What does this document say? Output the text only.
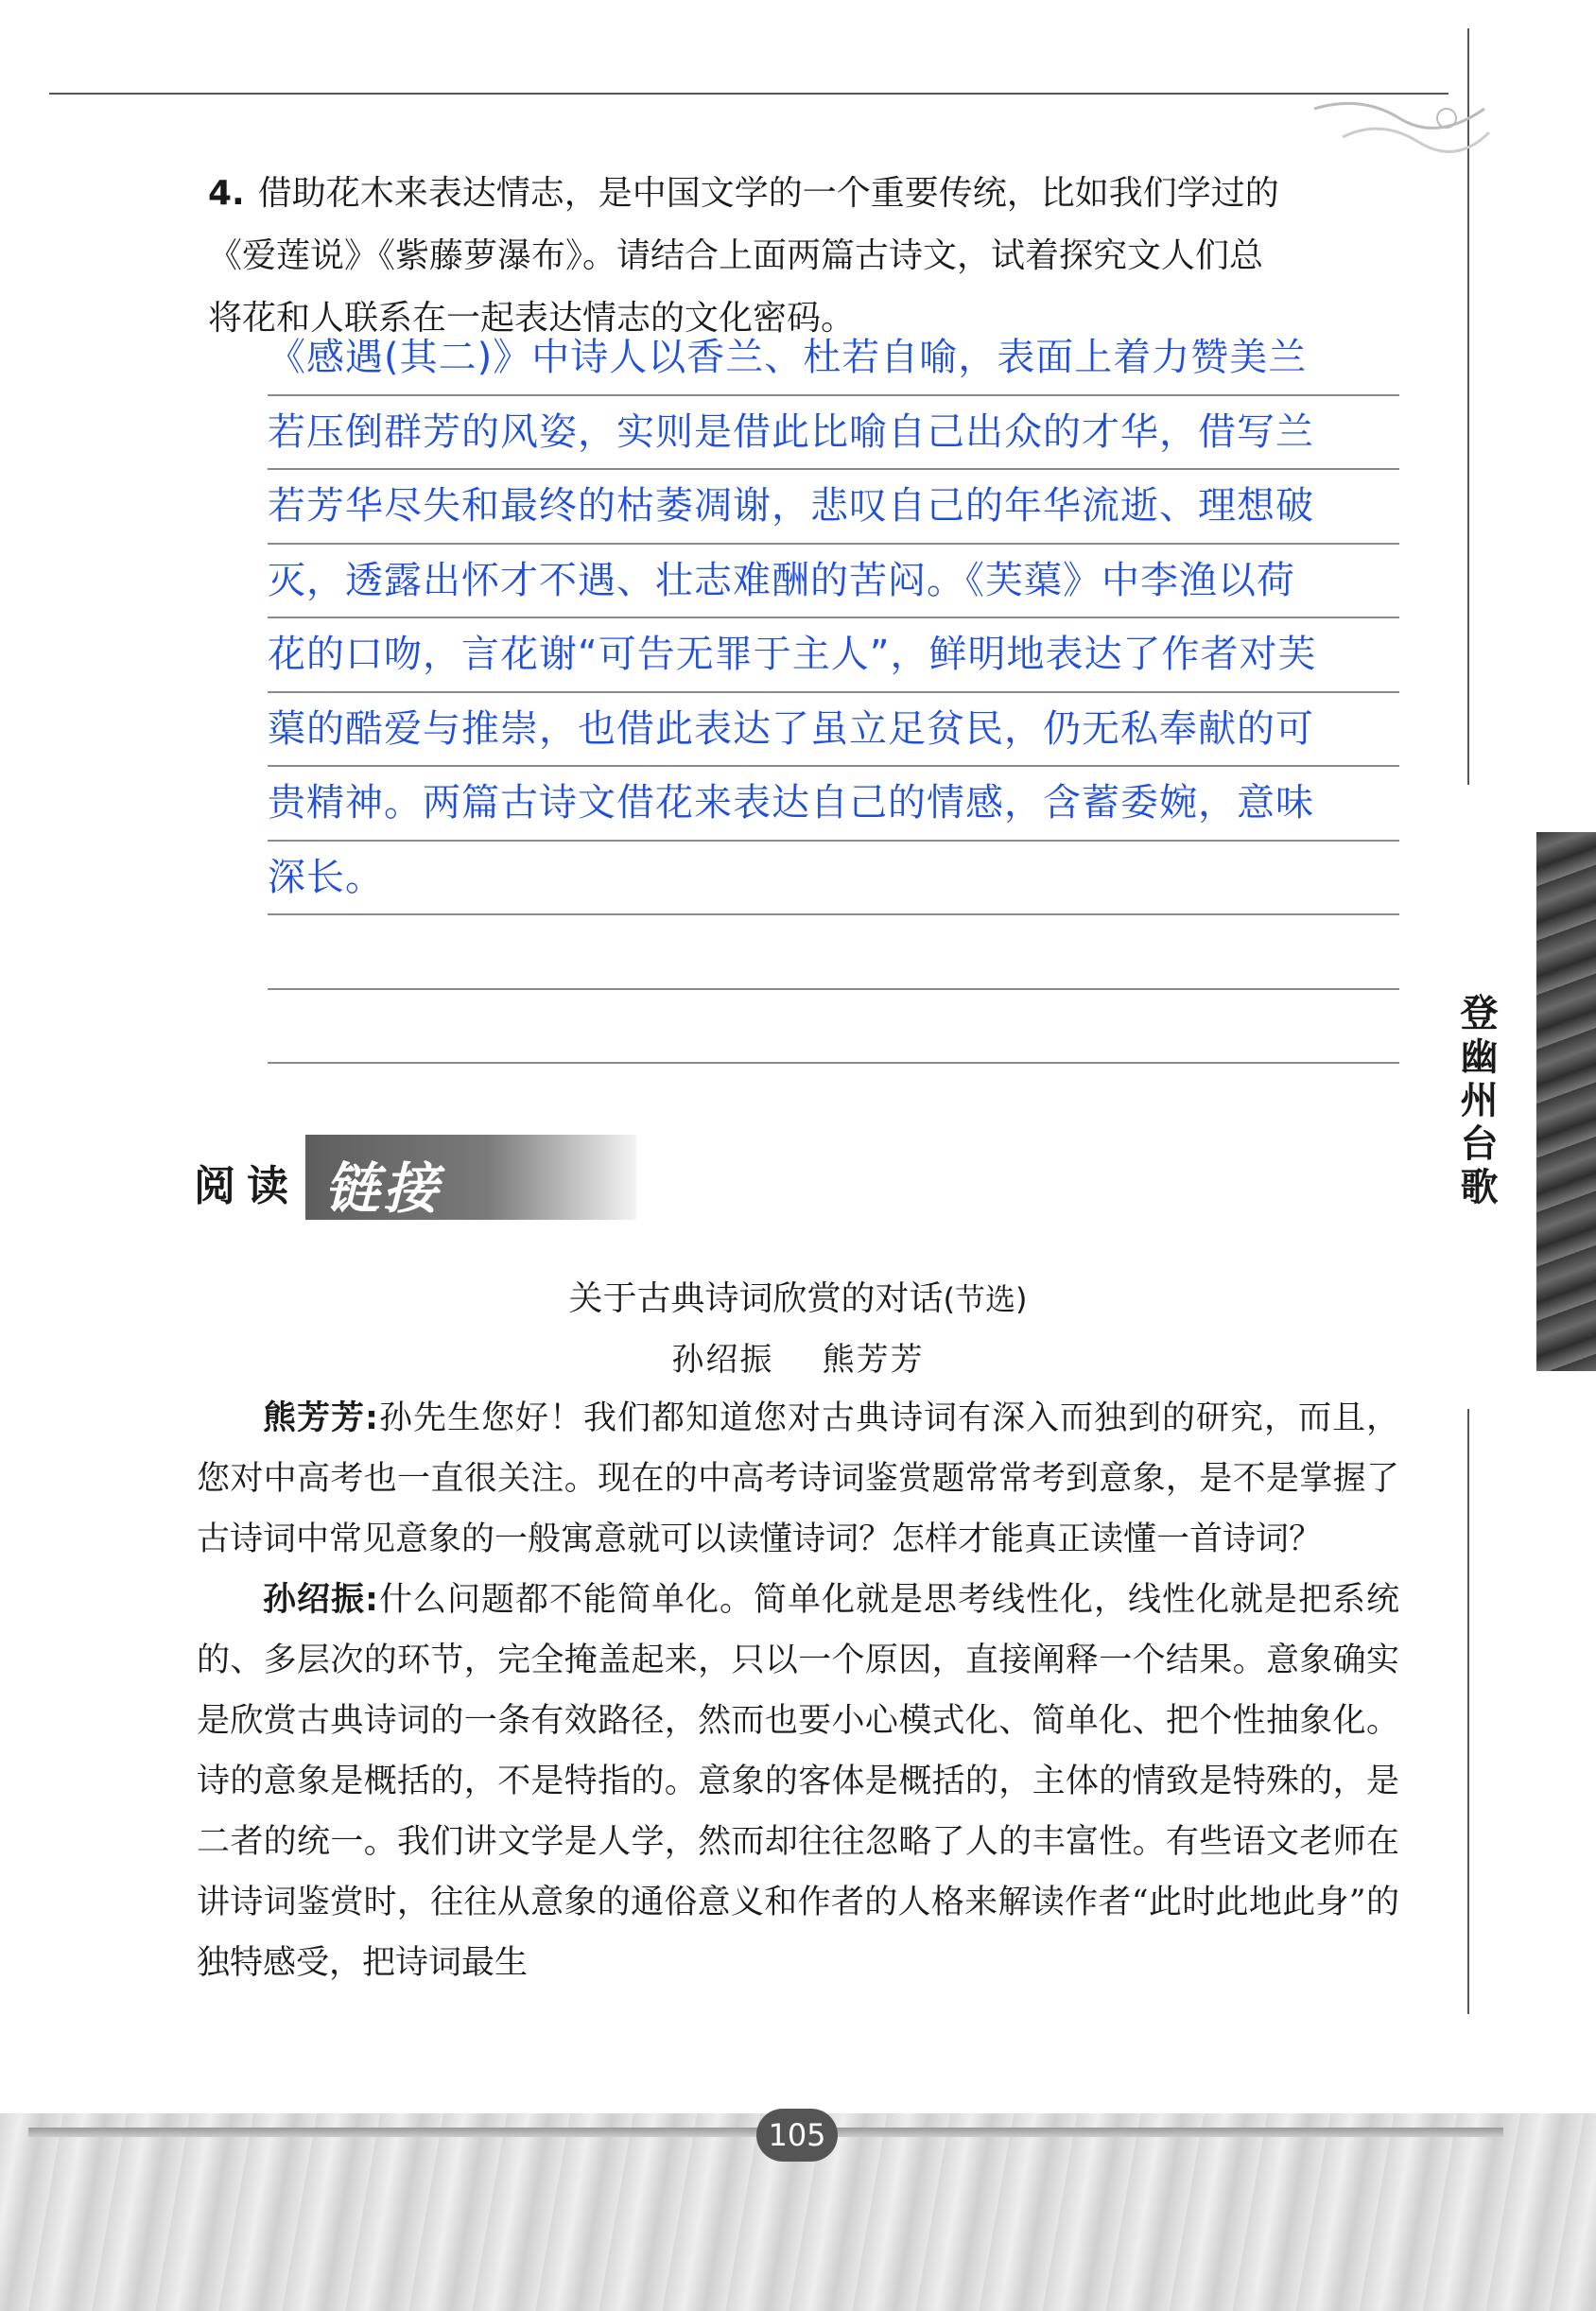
4. 借助花木来表达情志，是中国文学的一个重要传统，比如我们学过的
《爱莲说》《紫藤萝瀑布》。请结合上面两篇古诗文，试着探究文人们总
将花和人联系在一起表达情志的文化密码。
《感遇(其二)》中诗人以香兰、杜若自喻，表面上着力赞美兰
若压倒群芳的风姿，实则是借此比喻自己出众的才华，借写兰
若芳华尽失和最终的枯萎凋谢，悲叹自己的年华流逝、理想破
灭，透露出怀才不遇、壮志难酬的苦闷。《芙蕖》中李渔以荷
花的口吻，言花谢“可告无罪于主人”，鲜明地表达了作者对芙
蕖的酷爱与推崇，也借此表达了虽立足贫民，仍无私奉献的可
贵精神。两篇古诗文借花来表达自己的情感，含蓄委婉，意味
深长。
阅读 链接
关于古典诗词欣赏的对话(节选)
孙绍振    熊芳芳

熊芳芳:孙先生您好！我们都知道您对古典诗词有深入而独到的研究，而且，您对中高考也一直很关注。现在的中高考诗词鉴赏题常常考到意象，是不是掌握了古诗词中常见意象的一般寓意就可以读懂诗词？怎样才能真正读懂一首诗词？

孙绍振:什么问题都不能简单化。简单化就是思考线性化，线性化就是把系统的、多层次的环节，完全掩盖起来，只以一个原因，直接阐释一个结果。意象确实是欣赏古典诗词的一条有效路径，然而也要小心模式化、简单化、把个性抽象化。诗的意象是概括的，不是特指的。意象的客体是概括的，主体的情致是特殊的，是二者的统一。我们讲文学是人学，然而却往往忽略了人的丰富性。有些语文老师在讲诗词鉴赏时，往往从意象的通俗意义和作者的人格来解读作者“此时此地此身”的独特感受，把诗词最生

登幽州台歌
105
